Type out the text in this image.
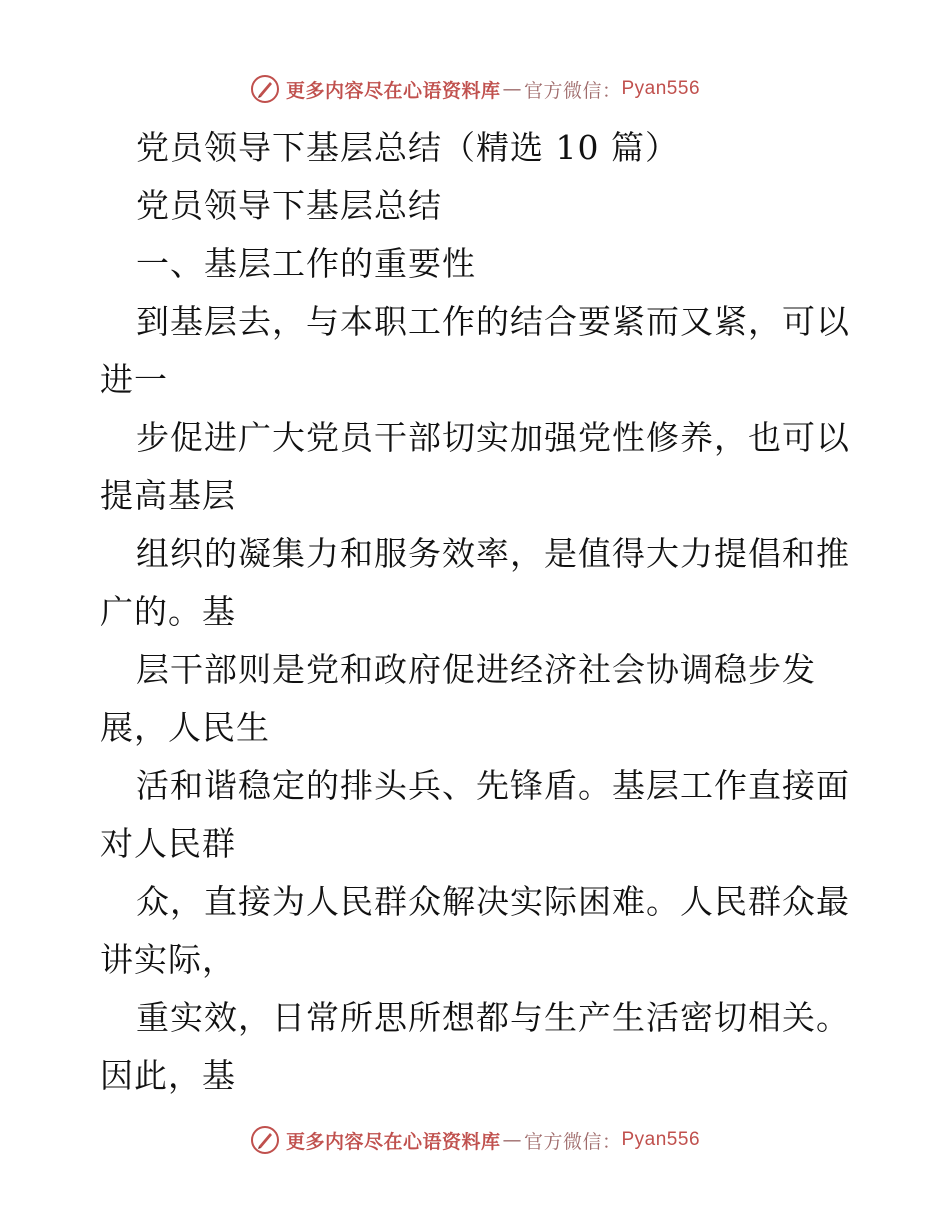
更多内容尽在心语资料库 — 官方微信： Pyan556
党员领导下基层总结（精选 10 篇）
党员领导下基层总结
一、基层工作的重要性
到基层去，与本职工作的结合要紧而又紧，可以
进一
步促进广大党员干部切实加强党性修养，也可以
提高基层
组织的凝集力和服务效率，是值得大力提倡和推
广的。基
层干部则是党和政府促进经济社会协调稳步发
展，人民生
活和谐稳定的排头兵、先锋盾。基层工作直接面
对人民群
众，直接为人民群众解决实际困难。人民群众最
讲实际，
重实效，日常所思所想都与生产生活密切相关。
因此，基
更多内容尽在心语资料库 — 官方微信： Pyan556
